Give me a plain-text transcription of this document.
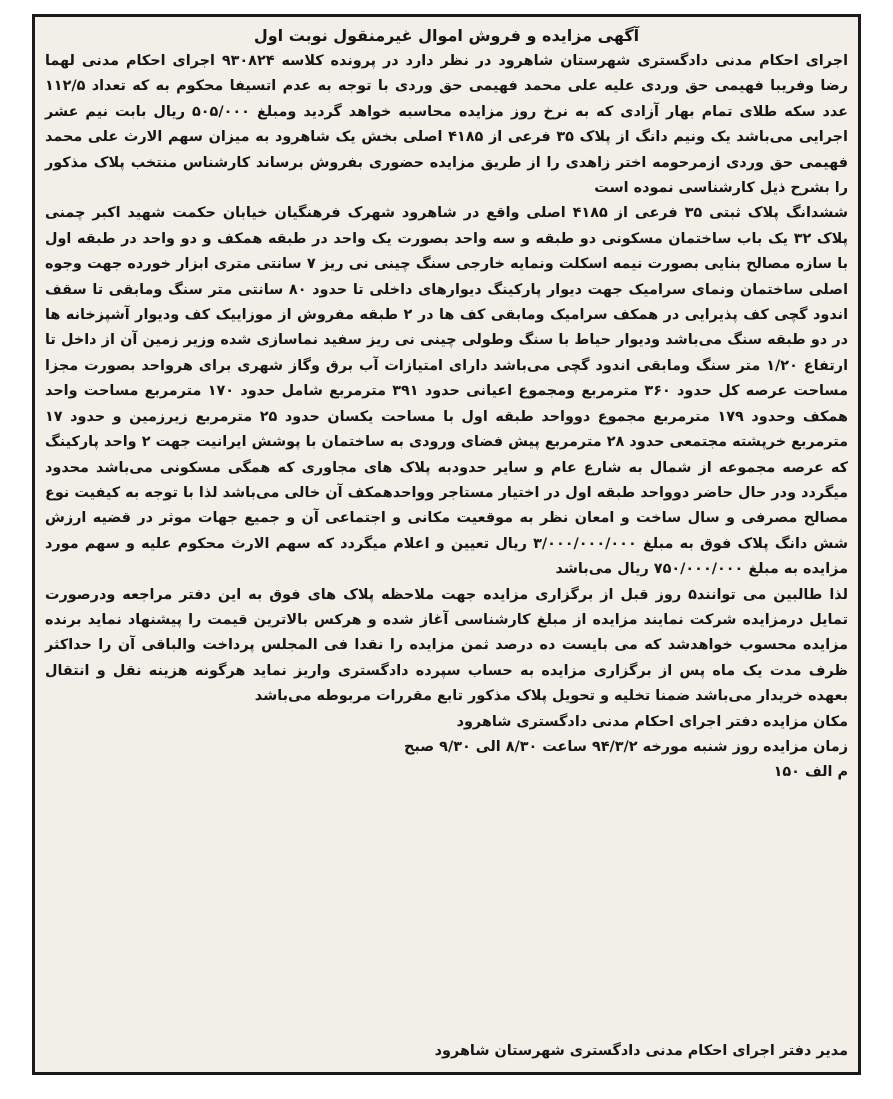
آگهی مزایده و فروش اموال غیرمنقول نوبت اول

اجرای احکام مدنی دادگستری شهرستان شاهرود در نظر دارد در پرونده کلاسه ۹۳۰۸۲۴ اجرای احکام مدنی لهما رضا وفریبا فهیمی حق وردی علیه علی محمد فهیمی حق وردی با توجه به عدم اتسیفا محکوم به که تعداد ۱۱۲/۵ عدد سکه طلای تمام بهار آزادی که به نرخ روز مزایده محاسبه خواهد گردید ومبلغ ۵۰۵/۰۰۰ ریال بابت نیم عشر اجرایی می‌باشد یک ونیم دانگ از پلاک ۳۵ فرعی از ۴۱۸۵ اصلی بخش یک شاهرود به میزان سهم الارث علی محمد فهیمی حق وردی ازمرحومه اختر زاهدی را از طریق مزایده حضوری بفروش برساند کارشناس منتخب پلاک مذکور را بشرح ذیل کارشناسی نموده است

ششدانگ پلاک ثبتی ۳۵ فرعی از ۴۱۸۵ اصلی واقع در شاهرود شهرک فرهنگیان خیابان حکمت شهید اکبر چمنی پلاک ۳۲ یک باب ساختمان مسکونی دو طبقه و سه واحد بصورت یک واحد در طبقه همکف و دو واحد در طبقه اول با سازه مصالح بنایی بصورت نیمه اسکلت ونمایه خارجی سنگ چینی نی ریز ۷ سانتی متری ابزار خورده جهت وجوه اصلی ساختمان ونمای سرامیک جهت دیوار پارکینگ دیوارهای داخلی تا حدود ۸۰ سانتی متر سنگ ومابقی تا سقف اندود گچی کف پذیرایی در همکف سرامیک ومابقی کف ها در ۲ طبقه مفروش از موزاییک کف ودیوار آشپزخانه ها در دو طبقه سنگ می‌باشد ودیوار حیاط با سنگ وطولی چینی نی ریز سفید نماسازی شده وزیر زمین آن از داخل تا ارتفاع ۱/۲۰ متر سنگ ومابقی اندود گچی می‌باشد دارای امتیازات آب برق وگاز شهری برای هرواحد بصورت مجزا مساحت عرصه کل حدود ۳۶۰ مترمربع ومجموع اعیانی حدود ۳۹۱ مترمربع شامل حدود ۱۷۰ مترمربع مساحت واحد همکف وحدود ۱۷۹ مترمربع مجموع دوواحد طبقه اول با مساحت یکسان حدود ۲۵ مترمربع زیرزمین و حدود ۱۷ مترمربع خرپشته مجتمعی حدود ۲۸ مترمربع پیش فضای ورودی به ساختمان با پوشش ایرانیت جهت ۲ واحد پارکینگ که عرصه مجموعه از شمال به شارع عام و سایر حدودبه پلاک های مجاوری که همگی مسکونی می‌باشد محدود میگردد ودر حال حاضر دوواحد طبقه اول در اختیار مستاجر وواحدهمکف آن خالی می‌باشد لذا با توجه به کیفیت نوع مصالح مصرفی و سال ساخت و امعان نظر به موقعیت مکانی و اجتماعی آن و جمیع جهات موثر در قضیه ارزش شش دانگ پلاک فوق به مبلغ ۳/۰۰۰/۰۰۰/۰۰۰ ریال تعیین و اعلام میگردد که سهم الارث محکوم علیه و سهم مورد مزایده به مبلغ ۷۵۰/۰۰۰/۰۰۰ ریال می‌باشد

لذا طالبین می توانند۵ روز قبل از برگزاری مزایده جهت ملاحظه پلاک های فوق به این دفتر مراجعه ودرصورت تمایل درمزایده شرکت نمایند مزایده از مبلغ کارشناسی آغاز شده و هرکس بالاترین قیمت را پیشنهاد نماید برنده مزایده محسوب خواهدشد که می بایست ده درصد ثمن مزایده را نقدا فی المجلس پرداخت والباقی آن را حداکثر ظرف مدت یک ماه پس از برگزاری مزایده به حساب سپرده دادگستری واریز نماید هرگونه هزینه نقل و انتقال بعهده خریدار می‌باشد ضمنا تخلیه و تحویل پلاک مذکور تابع مقررات مربوطه می‌باشد

مکان مزایده دفتر اجرای احکام مدنی دادگستری شاهرود

زمان مزایده روز شنبه مورخه ۹۴/۳/۲ ساعت ۸/۳۰ الی ۹/۳۰ صبح

م الف ۱۵۰

مدیر دفتر اجرای احکام مدنی دادگستری شهرستان شاهرود
